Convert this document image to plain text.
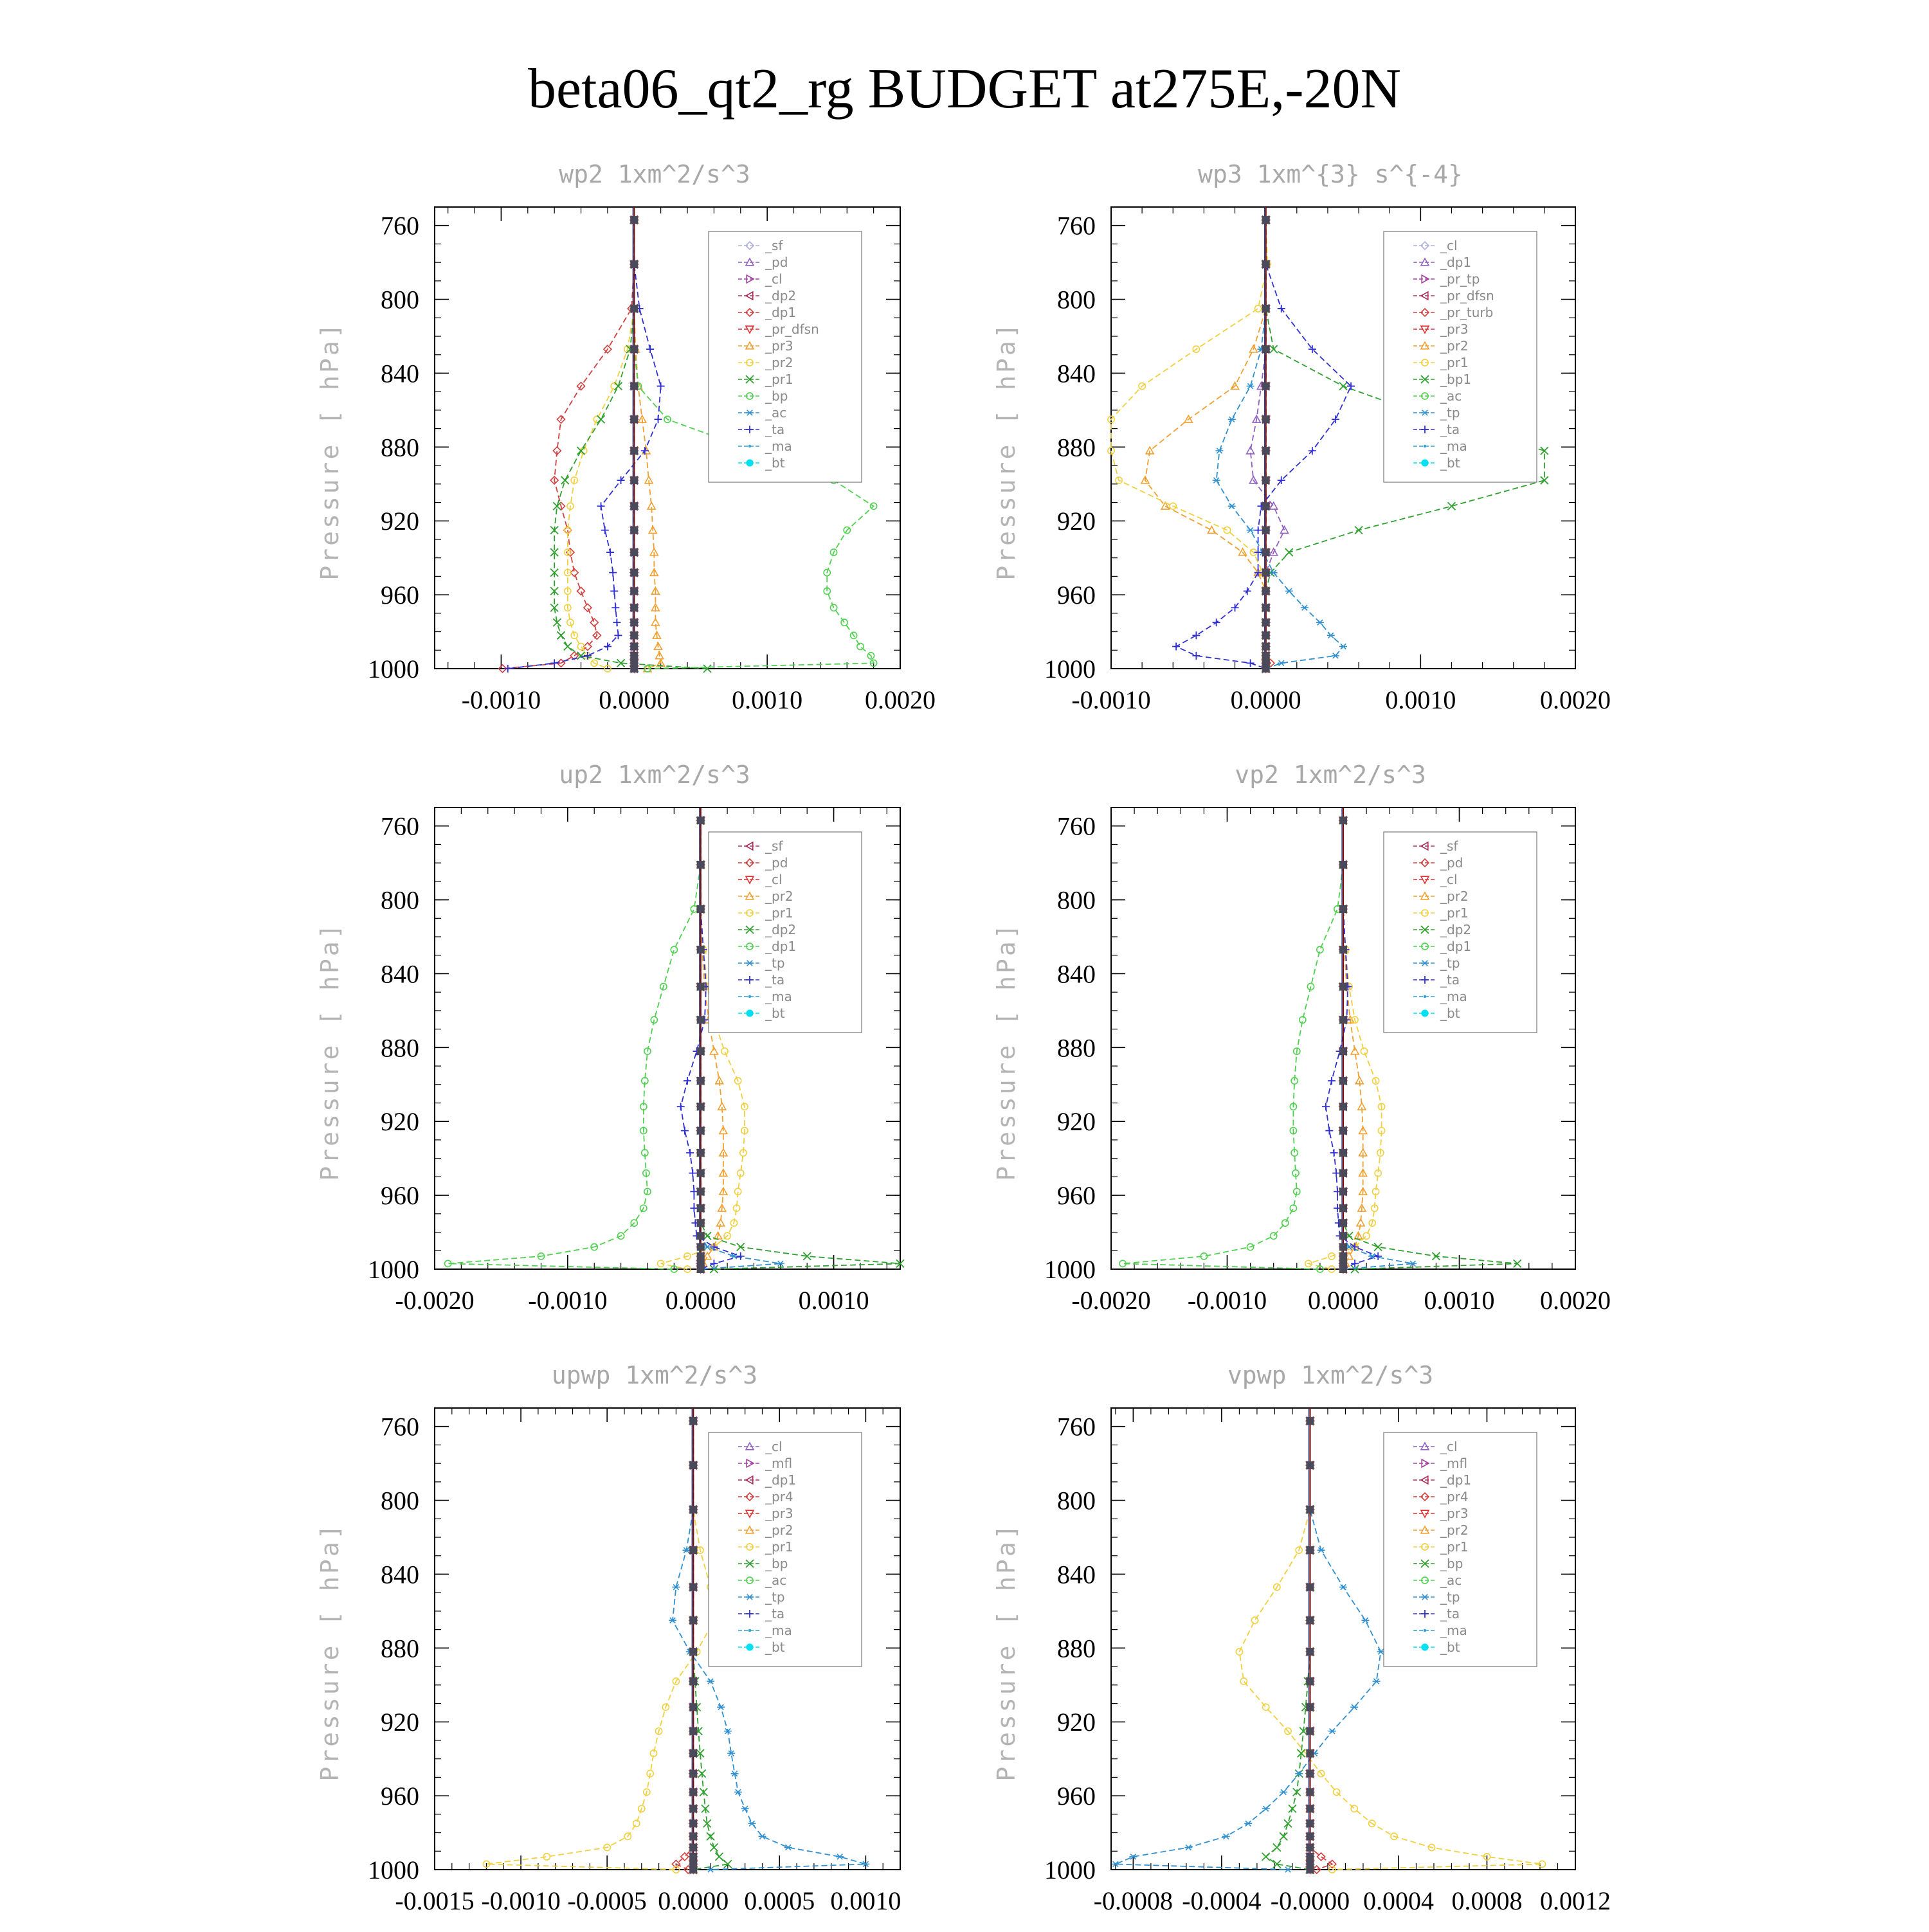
beta06_qt2_rg BUDGET at275E,-20N
wp2 1xm^2/s^3
Pressure [ hPa]
-0.0010 0.0000 0.0010 0.0020
760
800
840
880
920
960
1000
_sf
_pd
_cl
_dp2
_dp1
_pr_dfsn
_pr3
_pr2
_pr1
_bp
_ac
_ta
_ma
_bt
wp3 1xm^{3} s^{-4}
Pressure [ hPa]
-0.0010	0.0000	0.0010	0.0020
760
800
840
880
920
960
1000
_cl
_dp1
_pr_tp
_pr_dfsn
_pr_turb
_pr3
_pr2
_pr1
_bp1
_ac
_tp
_ta
_ma
_bt
up2 1xm^2/s^3
Pressure [ hPa]
-0.0020 -0.0010 0.0000 0.0010
760
800
840
880
920
960
1000
_sf
_pd
_cl
_pr2
_pr1
_dp2
_dp1
_tp
_ta
_ma
_bt
vp2 1xm^2/s^3
Pressure [ hPa]
-0.0020 -0.0010 0.0000 0.0010 0.0020
760
800
840
880
920
960
1000
_sf
_pd
_cl
_pr2
_pr1
_dp2
_dp1
_tp
_ta
_ma
_bt
upwp 1xm^2/s^3
Pressure [ hPa]
-0.0015 -0.0010 -0.0005 0.0000 0.0005 0.0010
760
800
840
880
920
960
1000
_cl
_mfl
_dp1
_pr4
_pr3
_pr2
_pr1
_bp
_ac
_tp
_ta
_ma
_bt
vpwp 1xm^2/s^3
Pressure [ hPa]
-0.0008 -0.0004 -0.0000 0.0004 0.0008 0.0012
760
800
840
880
920
960
1000
_cl
_mfl
_dp1
_pr4
_pr3
_pr2
_pr1
_bp
_ac
_tp
_ta
_ma
_bt
